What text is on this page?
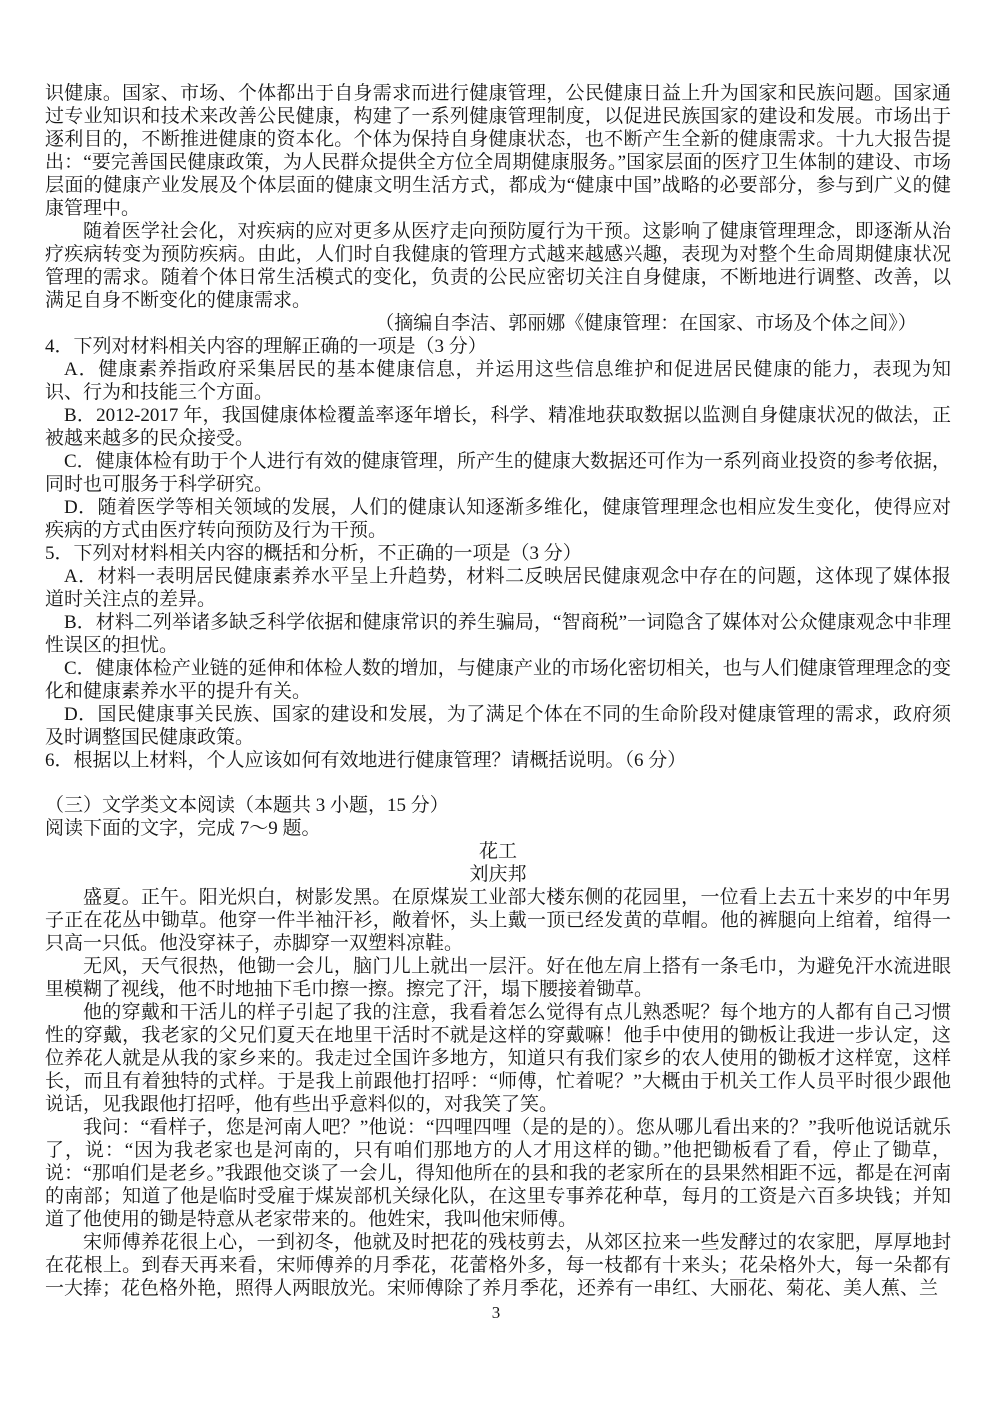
识健康。国家、市场、个体都出于自身需求而进行健康管理，公民健康日益上升为国家和民族问题。国家通过专业知识和技术来改善公民健康，构建了一系列健康管理制度，以促进民族国家的建设和发展。市场出于逐利目的，不断推进健康的资本化。个体为保持自身健康状态，也不断产生全新的健康需求。十九大报告提出：“要完善国民健康政策，为人民群众提供全方位全周期健康服务。”国家层面的医疗卫生体制的建设、市场层面的健康产业发展及个体层面的健康文明生活方式，都成为“健康中国”战略的必要部分，参与到广义的健康管理中。

随着医学社会化，对疾病的应对更多从医疗走向预防厦行为干预。这影响了健康管理理念，即逐渐从治疗疾病转变为预防疾病。由此，人们时自我健康的管理方式越来越感兴趣，表现为对整个生命周期健康状况管理的需求。随着个体日常生活模式的变化，负责的公民应密切关注自身健康，不断地进行调整、改善，以满足自身不断变化的健康需求。

（摘编自李洁、郭丽娜《健康管理：在国家、市场及个体之间》）

4．下列对材料相关内容的理解正确的一项是（3 分）

A．健康素养指政府采集居民的基本健康信息，并运用这些信息维护和促进居民健康的能力，表现为知识、行为和技能三个方面。

B．2012-2017 年，我国健康体检覆盖率逐年增长，科学、精准地获取数据以监测自身健康状况的做法，正被越来越多的民众接受。

C．健康体检有助于个人进行有效的健康管理，所产生的健康大数据还可作为一系列商业投资的参考依据，同时也可服务于科学研究。

D．随着医学等相关领域的发展，人们的健康认知逐渐多维化，健康管理理念也相应发生变化，使得应对疾病的方式由医疗转向预防及行为干预。

5．下列对材料相关内容的概括和分析，不正确的一项是（3 分）

A．材料一表明居民健康素养水平呈上升趋势，材料二反映居民健康观念中存在的问题，这体现了媒体报道时关注点的差异。

B．材料二列举诸多缺乏科学依据和健康常识的养生骗局，“智商税”一词隐含了媒体对公众健康观念中非理性误区的担忧。

C．健康体检产业链的延伸和体检人数的增加，与健康产业的市场化密切相关，也与人们健康管理理念的变化和健康素养水平的提升有关。

D．国民健康事关民族、国家的建设和发展，为了满足个体在不同的生命阶段对健康管理的需求，政府须及时调整国民健康政策。

6．根据以上材料，个人应该如何有效地进行健康管理？请概括说明。（6 分）

（三）文学类文本阅读（本题共 3 小题，15 分）

阅读下面的文字，完成 7～9 题。

花工

刘庆邦

盛夏。正午。阳光炽白，树影发黑。在原煤炭工业部大楼东侧的花园里，一位看上去五十来岁的中年男子正在花丛中锄草。他穿一件半袖汗衫，敞着怀，头上戴一顶已经发黄的草帽。他的裤腿向上绾着，绾得一只高一只低。他没穿袜子，赤脚穿一双塑料凉鞋。

无风，天气很热，他锄一会儿，脑门儿上就出一层汗。好在他左肩上搭有一条毛巾，为避免汗水流进眼里模糊了视线，他不时地抽下毛巾擦一擦。擦完了汗，塌下腰接着锄草。

他的穿戴和干活儿的样子引起了我的注意，我看着怎么觉得有点儿熟悉呢？每个地方的人都有自己习惯性的穿戴，我老家的父兄们夏天在地里干活时不就是这样的穿戴嘛！他手中使用的锄板让我进一步认定，这位养花人就是从我的家乡来的。我走过全国许多地方，知道只有我们家乡的农人使用的锄板才这样宽，这样长，而且有着独特的式样。于是我上前跟他打招呼：“师傅，忙着呢？”大概由于机关工作人员平时很少跟他说话，见我跟他打招呼，他有些出乎意料似的，对我笑了笑。

我问：“看样子，您是河南人吧？”他说：“四哩四哩（是的是的）。您从哪儿看出来的？”我听他说话就乐了，说：“因为我老家也是河南的，只有咱们那地方的人才用这样的锄。”他把锄板看了看，停止了锄草，说：“那咱们是老乡。”我跟他交谈了一会儿，得知他所在的县和我的老家所在的县果然相距不远，都是在河南的南部；知道了他是临时受雇于煤炭部机关绿化队，在这里专事养花种草，每月的工资是六百多块钱；并知道了他使用的锄是特意从老家带来的。他姓宋，我叫他宋师傅。

宋师傅养花很上心，一到初冬，他就及时把花的残枝剪去，从郊区拉来一些发酵过的农家肥，厚厚地封在花根上。到春天再来看，宋师傅养的月季花，花蕾格外多，每一枝都有十来头；花朵格外大，每一朵都有一大捧；花色格外艳，照得人两眼放光。宋师傅除了养月季花，还养有一串红、大丽花、菊花、美人蕉、兰

3
